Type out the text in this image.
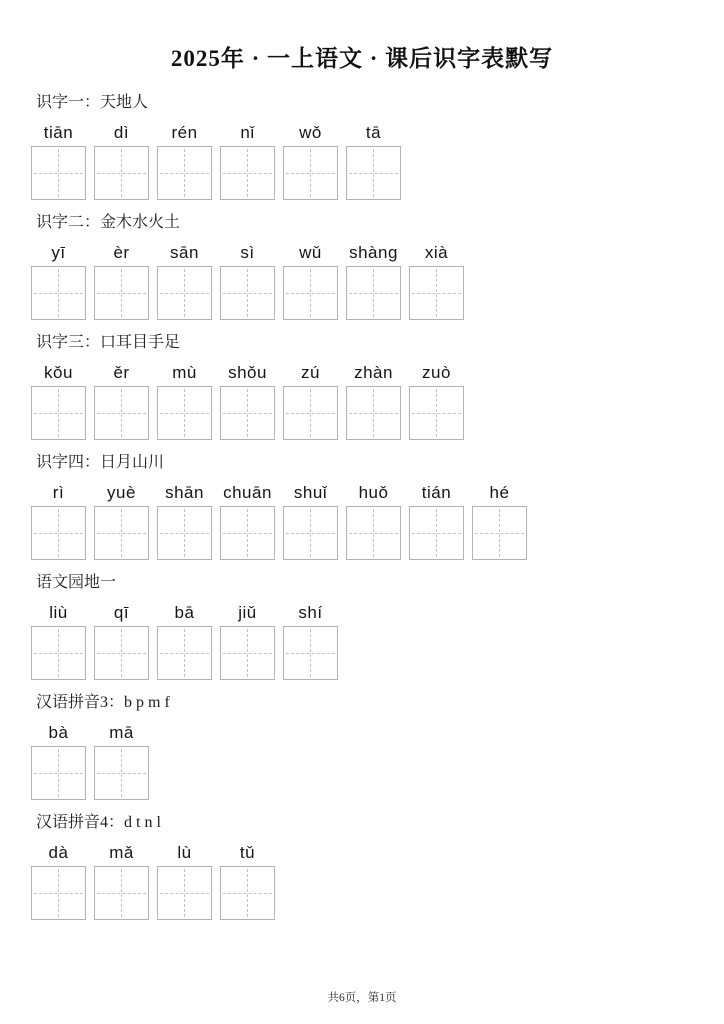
2025年 · 一上语文 · 课后识字表默写
识字一：天地人
tiān dì rén	nǐ	wǒ	tā
识字二：金木水火土
yī	èr sān sì	wǔ shàng xià
识字三：口耳目手足
kǒu ěr	mù shǒu zú zhàn zuò
识字四：日月山川
rì	yuè shān chuān shuǐ huǒ tián hé
语文园地一
liù	qī	bā	jiǔ shí
汉语拼音3：b p m f
bà mā
汉语拼音4：d t n l
dà mǎ	lù	tǔ
共6页，第1页
